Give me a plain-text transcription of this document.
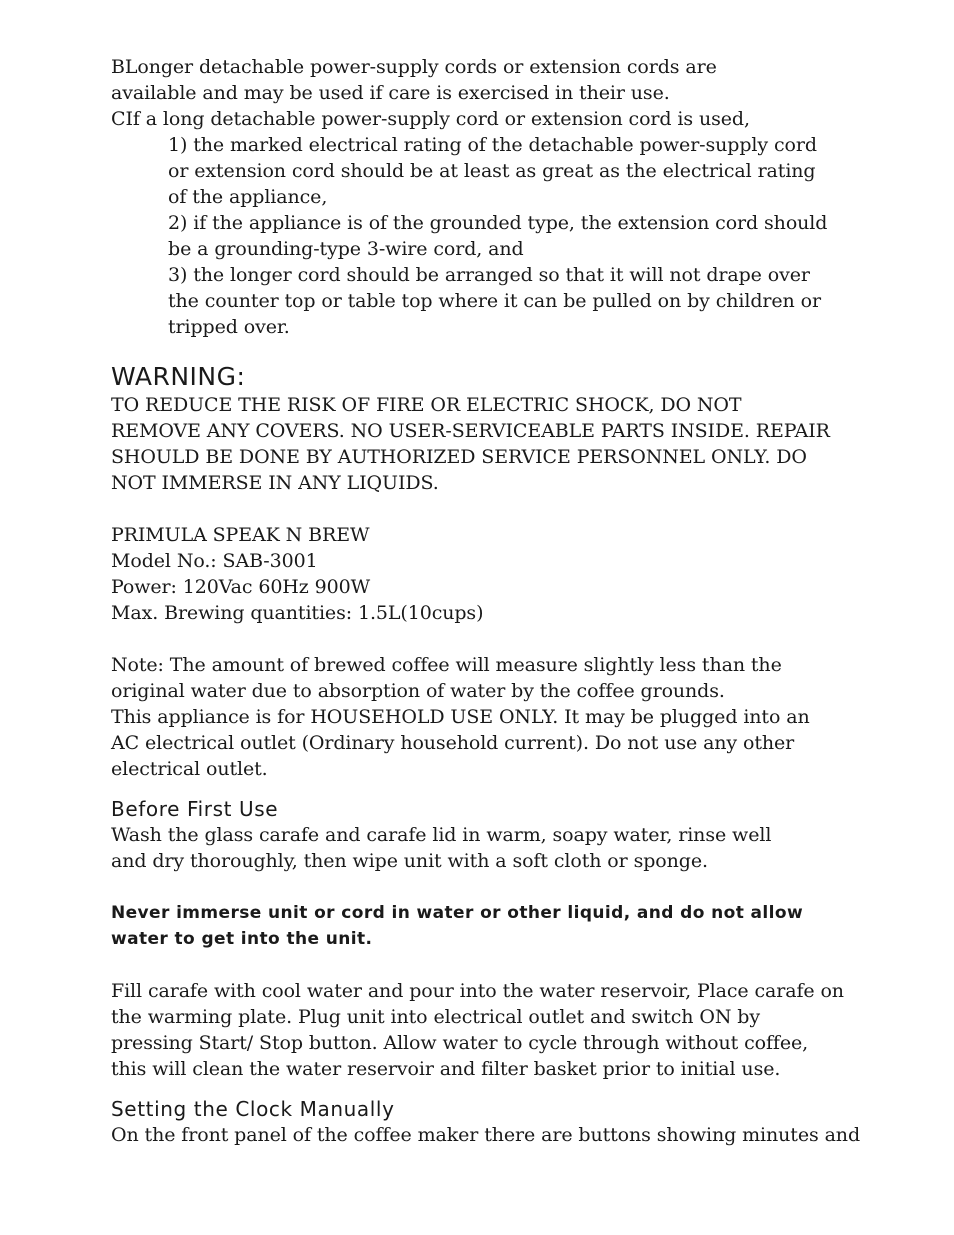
BLonger detachable power-supply cords or extension cords are available and may be used if care is exercised in their use.

CIf a long detachable power-supply cord or extension cord is used,

1) the marked electrical rating of the detachable power-supply cord or extension cord should be at least as great as the electrical rating of the appliance,

2) if the appliance is of the grounded type, the extension cord should be a grounding-type 3-wire cord, and

3) the longer cord should be arranged so that it will not drape over the counter top or table top where it can be pulled on by children or tripped over.

WARNING:

TO REDUCE THE RISK OF FIRE OR ELECTRIC SHOCK, DO NOT REMOVE ANY COVERS. NO USER-SERVICEABLE PARTS INSIDE. REPAIR SHOULD BE DONE BY AUTHORIZED SERVICE PERSONNEL ONLY. DO NOT IMMERSE IN ANY LIQUIDS.

PRIMULA SPEAK N BREW

Model No.: SAB-3001

Power: 120Vac 60Hz 900W

Max. Brewing quantities: 1.5L(10cups)

Note: The amount of brewed coffee will measure slightly less than the original water due to absorption of water by the coffee grounds.

This appliance is for HOUSEHOLD USE ONLY. It may be plugged into an AC electrical outlet (Ordinary household current). Do not use any other electrical outlet.

Before First Use

Wash the glass carafe and carafe lid in warm, soapy water, rinse well and dry thoroughly, then wipe unit with a soft cloth or sponge.

Never immerse unit or cord in water or other liquid, and do not allow water to get into the unit.

Fill carafe with cool water and pour into the water reservoir, Place carafe on the warming plate. Plug unit into electrical outlet and switch ON by pressing Start/ Stop button. Allow water to cycle through without coffee, this will clean the water reservoir and filter basket prior to initial use.

Setting the Clock Manually

On the front panel of the coffee maker there are buttons showing minutes and
